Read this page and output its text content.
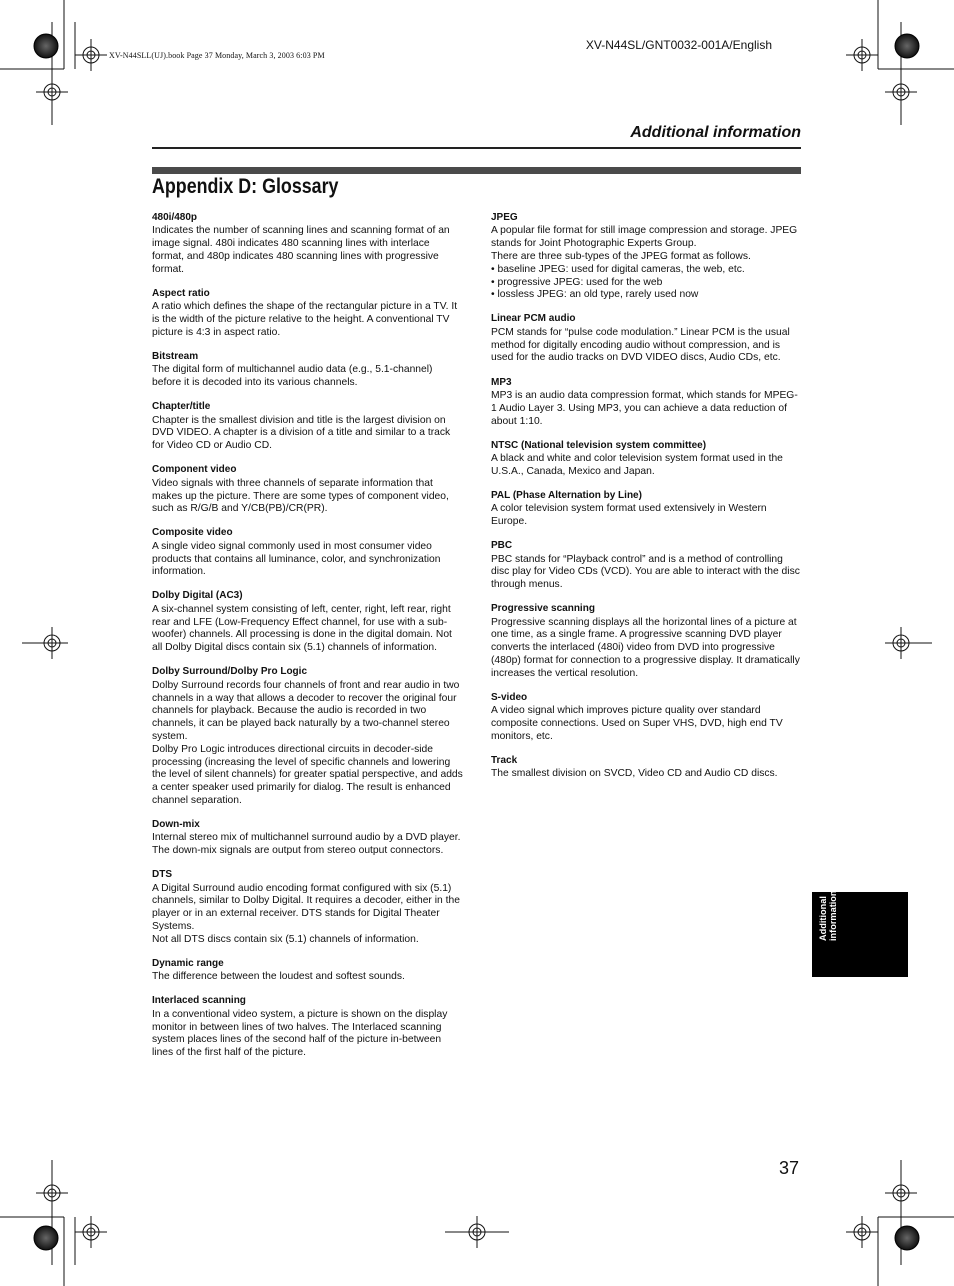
XV-N44SLL(UJ).book Page 37 Monday, March 3, 2003 6:03 PM
XV-N44SL/GNT0032-001A/English
Additional information
Appendix D: Glossary
480i/480p

Indicates the number of scanning lines and scanning format of an image signal. 480i indicates 480 scanning lines with interlace format, and 480p indicates 480 scanning lines with progressive format.

Aspect ratio

A ratio which defines the shape of the rectangular picture in a TV. It is the width of the picture relative to the height. A conventional TV picture is 4:3 in aspect ratio.

Bitstream

The digital form of multichannel audio data (e.g., 5.1-channel) before it is decoded into its various channels.

Chapter/title

Chapter is the smallest division and title is the largest division on DVD VIDEO. A chapter is a division of a title and similar to a track for Video CD or Audio CD.

Component video

Video signals with three channels of separate information that makes up the picture. There are some types of component video, such as R/G/B and Y/CB(PB)/CR(PR).

Composite video

A single video signal commonly used in most consumer video products that contains all luminance, color, and synchronization information.

Dolby Digital (AC3)

A six-channel system consisting of left, center, right, left rear, right rear and LFE (Low-Frequency Effect channel, for use with a sub-woofer) channels. All processing is done in the digital domain. Not all Dolby Digital discs contain six (5.1) channels of information.

Dolby Surround/Dolby Pro Logic

Dolby Surround records four channels of front and rear audio in two channels in a way that allows a decoder to recover the original four channels for playback. Because the audio is recorded in two channels, it can be played back naturally by a two-channel stereo system.

Dolby Pro Logic introduces directional circuits in decoder-side processing (increasing the level of specific channels and lowering the level of silent channels) for greater spatial perspective, and adds a center speaker used primarily for dialog. The result is enhanced channel separation.

Down-mix

Internal stereo mix of multichannel surround audio by a DVD player. The down-mix signals are output from stereo output connectors.

DTS

A Digital Surround audio encoding format configured with six (5.1) channels, similar to Dolby Digital. It requires a decoder, either in the player or in an external receiver. DTS stands for Digital Theater Systems.

Not all DTS discs contain six (5.1) channels of information.

Dynamic range

The difference between the loudest and softest sounds.

Interlaced scanning

In a conventional video system, a picture is shown on the display monitor in between lines of two halves. The Interlaced scanning system places lines of the second half of the picture in-between lines of the first half of the picture.

JPEG

A popular file format for still image compression and storage. JPEG stands for Joint Photographic Experts Group.

There are three sub-types of the JPEG format as follows.

• baseline JPEG: used for digital cameras, the web, etc.

• progressive JPEG: used for the web

• lossless JPEG: an old type, rarely used now

Linear PCM audio

PCM stands for “pulse code modulation.” Linear PCM is the usual method for digitally encoding audio without compression, and is used for the audio tracks on DVD VIDEO discs, Audio CDs, etc.

MP3

MP3 is an audio data compression format, which stands for MPEG-1 Audio Layer 3. Using MP3, you can achieve a data reduction of about 1:10.

NTSC (National television system committee)

A black and white and color television system format used in the U.S.A., Canada, Mexico and Japan.

PAL (Phase Alternation by Line)

A color television system format used extensively in Western Europe.

PBC

PBC stands for “Playback control” and is a method of controlling disc play for Video CDs (VCD). You are able to interact with the disc through menus.

Progressive scanning

Progressive scanning displays all the horizontal lines of a picture at one time, as a single frame. A progressive scanning DVD player converts the interlaced (480i) video from DVD into progressive (480p) format for connection to a progressive display. It dramatically increases the vertical resolution.

S-video

A video signal which improves picture quality over standard composite connections. Used on Super VHS, DVD, high end TV monitors, etc.

Track

The smallest division on SVCD, Video CD and Audio CD discs.

Additional information
37
